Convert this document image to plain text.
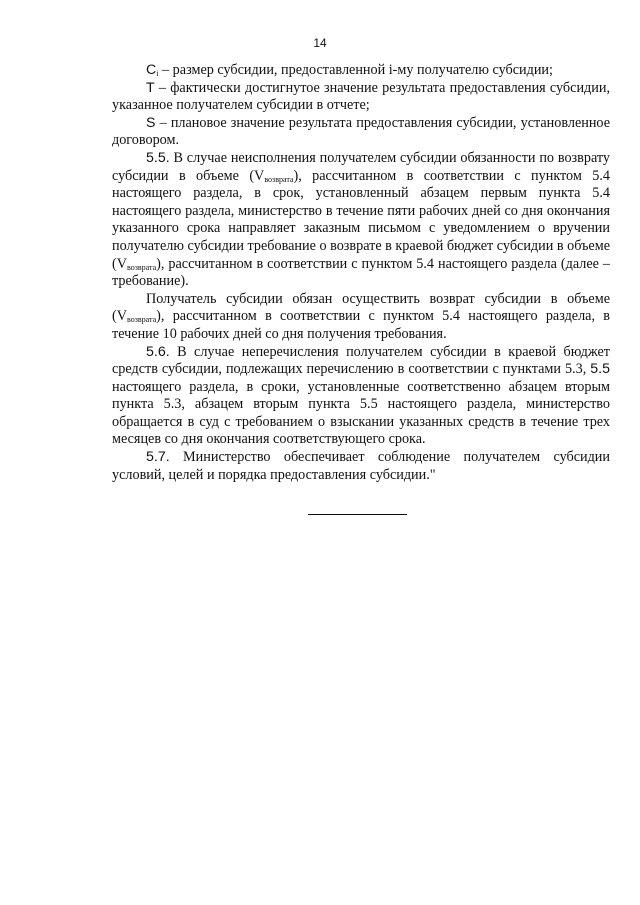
14

$C_i$ – размер субсидии, предоставленной i-му получателю субсидии;

T – фактически достигнутое значение результата предоставления субсидии, указанное получателем субсидии в отчете;

S – плановое значение результата предоставления субсидии, установленное договором.

5.5. В случае неисполнения получателем субсидии обязанности по возврату субсидии в объеме $(V_{возврата})$, рассчитанном в соответствии с пунктом 5.4 настоящего раздела, в срок, установленный абзацем первым пункта 5.4 настоящего раздела, министерство в течение пяти рабочих дней со дня окончания указанного срока направляет заказным письмом с уведомлением о вручении получателю субсидии требование о возврате в краевой бюджет субсидии в объеме $(V_{возврата})$, рассчитанном в соответствии с пунктом 5.4 настоящего раздела (далее – требование).

Получатель субсидии обязан осуществить возврат субсидии в объеме $(V_{возврата})$, рассчитанном в соответствии с пунктом 5.4 настоящего раздела, в течение 10 рабочих дней со дня получения требования.

5.6. В случае неперечисления получателем субсидии в краевой бюджет средств субсидии, подлежащих перечислению в соответствии с пунктами 5.3, 5.5 настоящего раздела, в сроки, установленные соответственно абзацем вторым пункта 5.3, абзацем вторым пункта 5.5 настоящего раздела, министерство обращается в суд с требованием о взыскании указанных средств в течение трех месяцев со дня окончания соответствующего срока.

5.7. Министерство обеспечивает соблюдение получателем субсидии условий, целей и порядка предоставления субсидии."
